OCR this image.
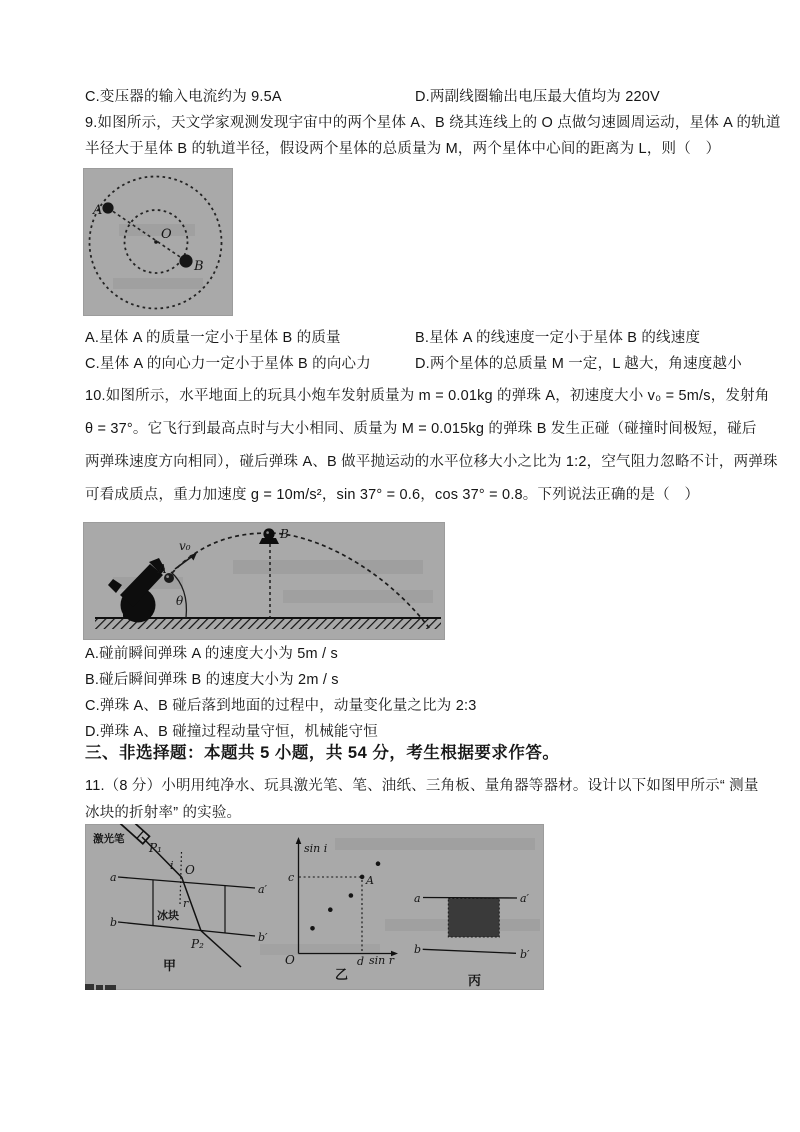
C.变压器的输入电流约为 9.5A	D.两副线圈输出电压最大值均为 220V
9.如图所示，天文学家观测发现宇宙中的两个星体 A、B 绕其连线上的 O 点做匀速圆周运动，星体 A 的轨道
半径大于星体 B 的轨道半径，假设两个星体的总质量为 M，两个星体中心间的距离为 L，则（　）
A
B
O
A.星体 A 的质量一定小于星体 B 的质量	B.星体 A 的线速度一定小于星体 B 的线速度
C.星体 A 的向心力一定小于星体 B 的向心力	D.两个星体的总质量 M 一定，L 越大，角速度越小
10.如图所示，水平地面上的玩具小炮车发射质量为 m = 0.01kg 的弹珠 A，初速度大小 v₀ = 5m/s，发射角
θ = 37°。它飞行到最高点时与大小相同、质量为 M = 0.015kg 的弹珠 B 发生正碰（碰撞时间极短，碰后
两弹珠速度方向相同），碰后弹珠 A、B 做平抛运动的水平位移大小之比为 1:2，空气阻力忽略不计，两弹珠
可看成质点，重力加速度 g = 10m/s²，sin 37° = 0.6，cos 37° = 0.8。下列说法正确的是（　）
A
v₀
θ
B
A.碰前瞬间弹珠 A 的速度大小为 5m / s
B.碰后瞬间弹珠 B 的速度大小为 2m / s
C.弹珠 A、B 碰后落到地面的过程中，动量变化量之比为 2:3
D.弹珠 A、B 碰撞过程动量守恒，机械能守恒
三、非选择题：本题共 5 小题，共 54 分，考生根据要求作答。
11.（8 分）小明用纯净水、玩具激光笔、笔、油纸、三角板、量角器等器材。设计以下如图甲所示“ 测量
冰块的折射率” 的实验。
激光笔
P₁
i O
r
a
a′
b
b′
冰块
P₂
甲
sin i
sin r
O
c
d
A
乙
a	a′
b	b′
丙
